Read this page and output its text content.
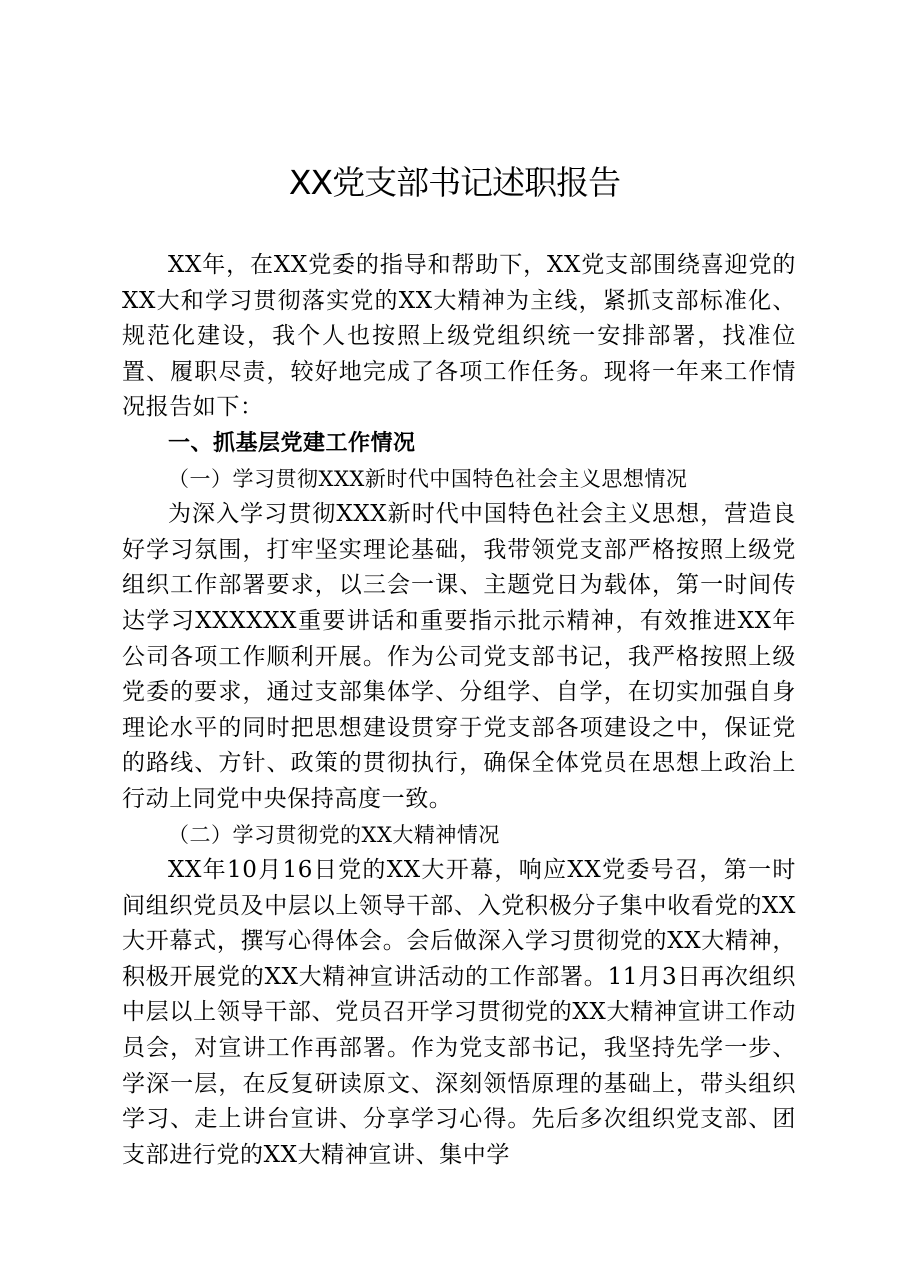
XX党支部书记述职报告

XX年，在XX党委的指导和帮助下，XX党支部围绕喜迎党的XX大和学习贯彻落实党的XX大精神为主线，紧抓支部标准化、规范化建设，我个人也按照上级党组织统一安排部署，找准位置、履职尽责，较好地完成了各项工作任务。现将一年来工作情况报告如下：

一、抓基层党建工作情况

（一）学习贯彻XXX新时代中国特色社会主义思想情况

为深入学习贯彻XXX新时代中国特色社会主义思想，营造良好学习氛围，打牢坚实理论基础，我带领党支部严格按照上级党组织工作部署要求，以三会一课、主题党日为载体，第一时间传达学习XXXXXX重要讲话和重要指示批示精神，有效推进XX年公司各项工作顺利开展。作为公司党支部书记，我严格按照上级党委的要求，通过支部集体学、分组学、自学，在切实加强自身理论水平的同时把思想建设贯穿于党支部各项建设之中，保证党的路线、方针、政策的贯彻执行，确保全体党员在思想上政治上行动上同党中央保持高度一致。

（二）学习贯彻党的XX大精神情况

XX年10月16日党的XX大开幕，响应XX党委号召，第一时间组织党员及中层以上领导干部、入党积极分子集中收看党的XX大开幕式，撰写心得体会。会后做深入学习贯彻党的XX大精神，积极开展党的XX大精神宣讲活动的工作部署。11月3日再次组织中层以上领导干部、党员召开学习贯彻党的XX大精神宣讲工作动员会，对宣讲工作再部署。作为党支部书记，我坚持先学一步、学深一层，在反复研读原文、深刻领悟原理的基础上，带头组织学习、走上讲台宣讲、分享学习心得。先后多次组织党支部、团支部进行党的XX大精神宣讲、集中学
